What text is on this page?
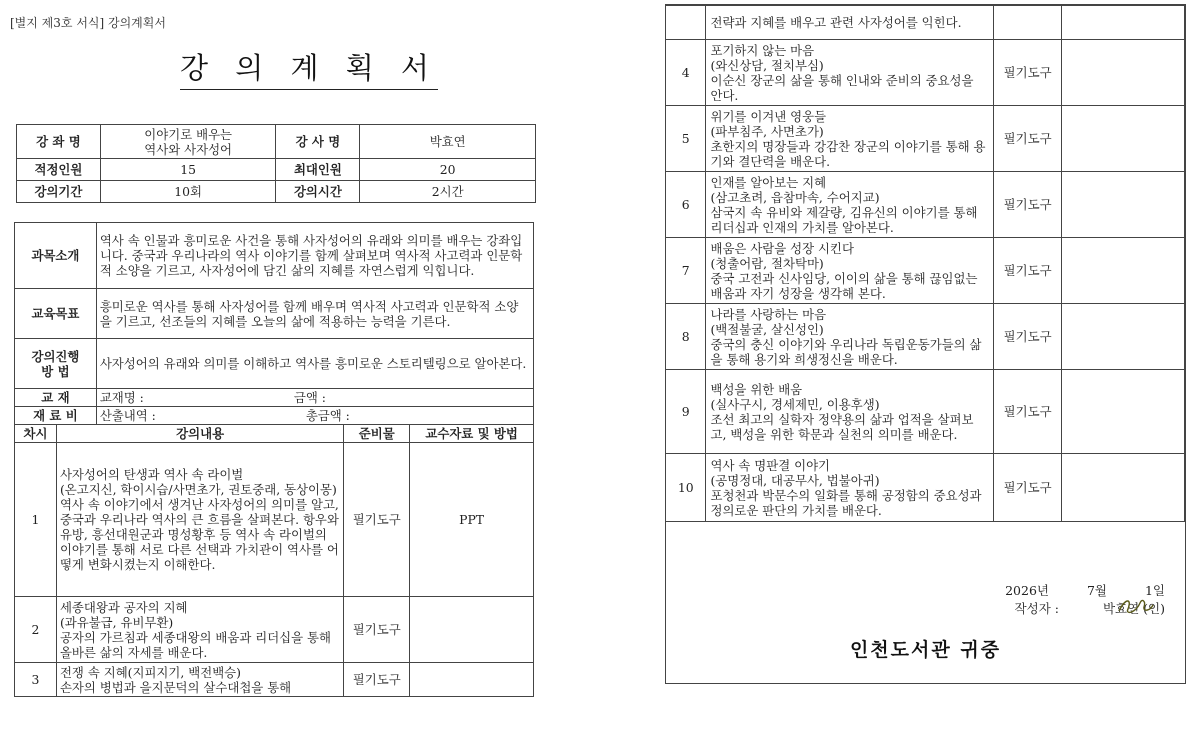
[별지 제3호 서식] 강의계획서
강 의 계 획 서
강 좌 명	이야기로 배우는
역사와 사자성어	강 사 명	박효연
적정인원	15	최대인원	20
강의기간	10회	강의시간	2시간
과목소개		역사 속 인물과 흥미로운 사건을 통해 사자성어의 유래와 의미를 배우는 강좌입니다. 중국과 우리나라의 역사 이야기를 함께 살펴보며 역사적 사고력과 인문학적 소양을 기르고, 사자성어에 담긴 삶의 지혜를 자연스럽게 익힙니다.		
교육목표		흥미로운 역사를 통해 사자성어를 함께 배우며 역사적 사고력과 인문학적 소양을 기르고, 선조들의 지혜를 오늘의 삶에 적용하는 능력을 기른다.		
강의진행
방 법		사자성어의 유래와 의미를 이해하고 역사를 흥미로운 스토리텔링으로 알아본다.		
교 재		교재명 : 금액 :		
재 료 비		산출내역 : 총금액 :		
차시	강의내용		준비물	교수자료 및 방법
1	사자성어의 탄생과 역사 속 라이벌
(온고지신, 학이시습/사면초가, 권토중래, 동상이몽)
역사 속 이야기에서 생겨난 사자성어의 의미를 알고, 중국과 우리나라 역사의 큰 흐름을 살펴본다. 항우와 유방, 흥선대원군과 명성황후 등 역사 속 라이벌의 이야기를 통해 서로 다른 선택과 가치관이 역사를 어떻게 변화시켰는지 이해한다.		필기도구	PPT
2	세종대왕과 공자의 지혜
(과유불급, 유비무환)
공자의 가르침과 세종대왕의 배움과 리더십을 통해 올바른 삶의 자세를 배운다.		필기도구	
3	전쟁 속 지혜(지피지기, 백전백승)
손자의 병법과 을지문덕의 살수대첩을 통해		필기도구	
	전략과 지혜를 배우고 관련 사자성어를 익힌다.		
4	포기하지 않는 마음
(와신상담, 절치부심)
이순신 장군의 삶을 통해 인내와 준비의 중요성을 안다.	필기도구	
5	위기를 이겨낸 영웅들
(파부침주, 사면초가)
초한지의 명장들과 강감찬 장군의 이야기를 통해 용기와 결단력을 배운다.	필기도구	
6	인재를 알아보는 지혜
(삼고초려, 읍참마속, 수어지교)
삼국지 속 유비와 제갈량, 김유신의 이야기를 통해 리더십과 인재의 가치를 알아본다.	필기도구	
7	배움은 사람을 성장 시킨다
(청출어람, 절차탁마)
중국 고전과 신사임당, 이이의 삶을 통해 끊임없는 배움과 자기 성장을 생각해 본다.	필기도구	
8	나라를 사랑하는 마음
(백절불굴, 살신성인)
중국의 충신 이야기와 우리나라 독립운동가들의 삶을 통해 용기와 희생정신을 배운다.	필기도구	
9	백성을 위한 배움
(실사구시, 경세제민, 이용후생)
조선 최고의 실학자 정약용의 삶과 업적을 살펴보고, 백성을 위한 학문과 실천의 의미를 배운다.	필기도구	
10	역사 속 명판결 이야기
(공명정대, 대공무사, 법불아귀)
포청천과 박문수의 일화를 통해 공정함의 중요성과 정의로운 판단의 가치를 배운다.	필기도구	
2026년	7월	1일
작성자 :	박효연 (인)
인천도서관 귀중
